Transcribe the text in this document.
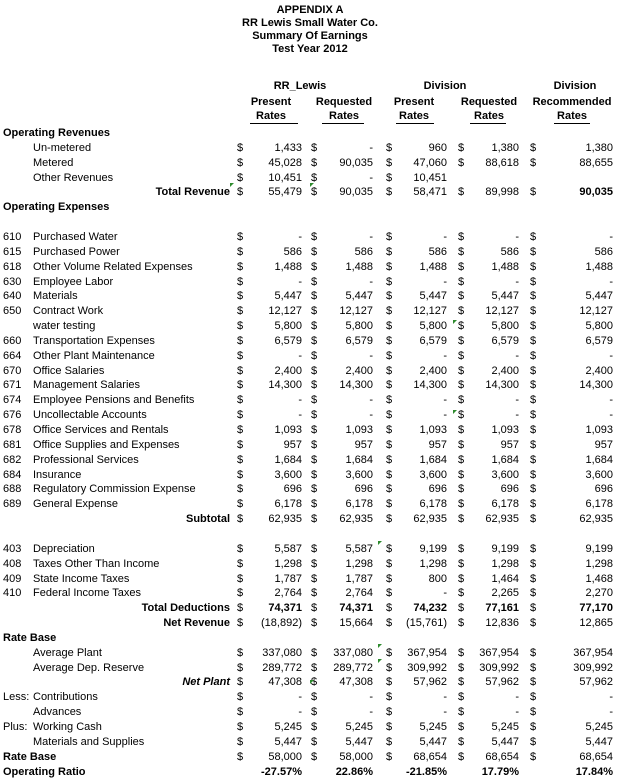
APPENDIX A
RR Lewis Small Water Co.
Summary Of Earnings
Test Year 2012
RR_Lewis	Division	Division
Present
Rates
Requested
Rates
Present
Rates
Requested
Rates
Recommended
Rates
Operating Revenues
Un-metered	$	1,433 $	- $	960 $	1,380 $	1,380
Metered	$	45,028 $	90,035 $	47,060 $	88,618 $	88,655
Other Revenues	$	10,451 $	- $	10,451
Total Revenue $	55,479 $	90,035 $	58,471 $	89,998 $	90,035
Operating Expenses
610 Purchased Water	$	- $	- $	- $	- $	-
615 Purchased Power	$	586 $	586 $	586 $	586 $	586
618 Other Volume Related Expenses	$	1,488 $	1,488 $	1,488 $	1,488 $	1,488
630 Employee Labor	$	- $	- $	- $	- $	-
640 Materials	$	5,447 $	5,447 $	5,447 $	5,447 $	5,447
650 Contract Work	$	12,127 $	12,127 $	12,127 $	12,127 $	12,127
water testing	$	5,800 $	5,800 $	5,800 $	5,800 $	5,800
660 Transportation Expenses	$	6,579 $	6,579 $	6,579 $	6,579 $	6,579
664 Other Plant Maintenance	$	- $	- $	- $	- $	-
670 Office Salaries	$	2,400 $	2,400 $	2,400 $	2,400 $	2,400
671 Management Salaries	$	14,300 $	14,300 $	14,300 $	14,300 $	14,300
674 Employee Pensions and Benefits	$	- $	- $	- $	- $	-
676 Uncollectable Accounts	$	- $	- $	- $	- $	-
678 Office Services and Rentals	$	1,093 $	1,093 $	1,093 $	1,093 $	1,093
681 Office Supplies and Expenses	$	957 $	957 $	957 $	957 $	957
682 Professional Services	$	1,684 $	1,684 $	1,684 $	1,684 $	1,684
684 Insurance	$	3,600 $	3,600 $	3,600 $	3,600 $	3,600
688 Regulatory Commission Expense	$	696 $	696 $	696 $	696 $	696
689 General Expense	$	6,178 $	6,178 $	6,178 $	6,178 $	6,178
Subtotal $	62,935 $	62,935 $	62,935 $	62,935 $	62,935
403 Depreciation	$	5,587 $	5,587 $	9,199 $	9,199 $	9,199
408 Taxes Other Than Income	$	1,298 $	1,298 $	1,298 $	1,298 $	1,298
409 State Income Taxes	$	1,787 $	1,787 $	800 $	1,464 $	1,468
410 Federal Income Taxes	$	2,764 $	2,764 $	- $	2,265 $	2,270
Total Deductions $	74,371 $	74,371 $	74,232 $	77,161 $	77,170
Net Revenue $	(18,892) $	15,664 $	(15,761) $	12,836 $	12,865
Rate Base
Average Plant	$	337,080 $	337,080 $	367,954 $	367,954 $	367,954
Average Dep. Reserve	$	289,772 $	289,772 $	309,992 $	309,992 $	309,992
Net Plant $	47,308 $	47,308 $	57,962 $	57,962 $	57,962
Less: Contributions	$	- $	- $	- $	- $	-
Advances	$	- $	- $	- $	- $	-
Plus: Working Cash	$	5,245 $	5,245 $	5,245 $	5,245 $	5,245
Materials and Supplies	$	5,447 $	5,447 $	5,447 $	5,447 $	5,447
Rate Base	$	58,000 $	58,000 $	68,654 $	68,654 $	68,654
Operating Ratio	-27.57%	22.86%	-21.85%	17.79%	17.84%
